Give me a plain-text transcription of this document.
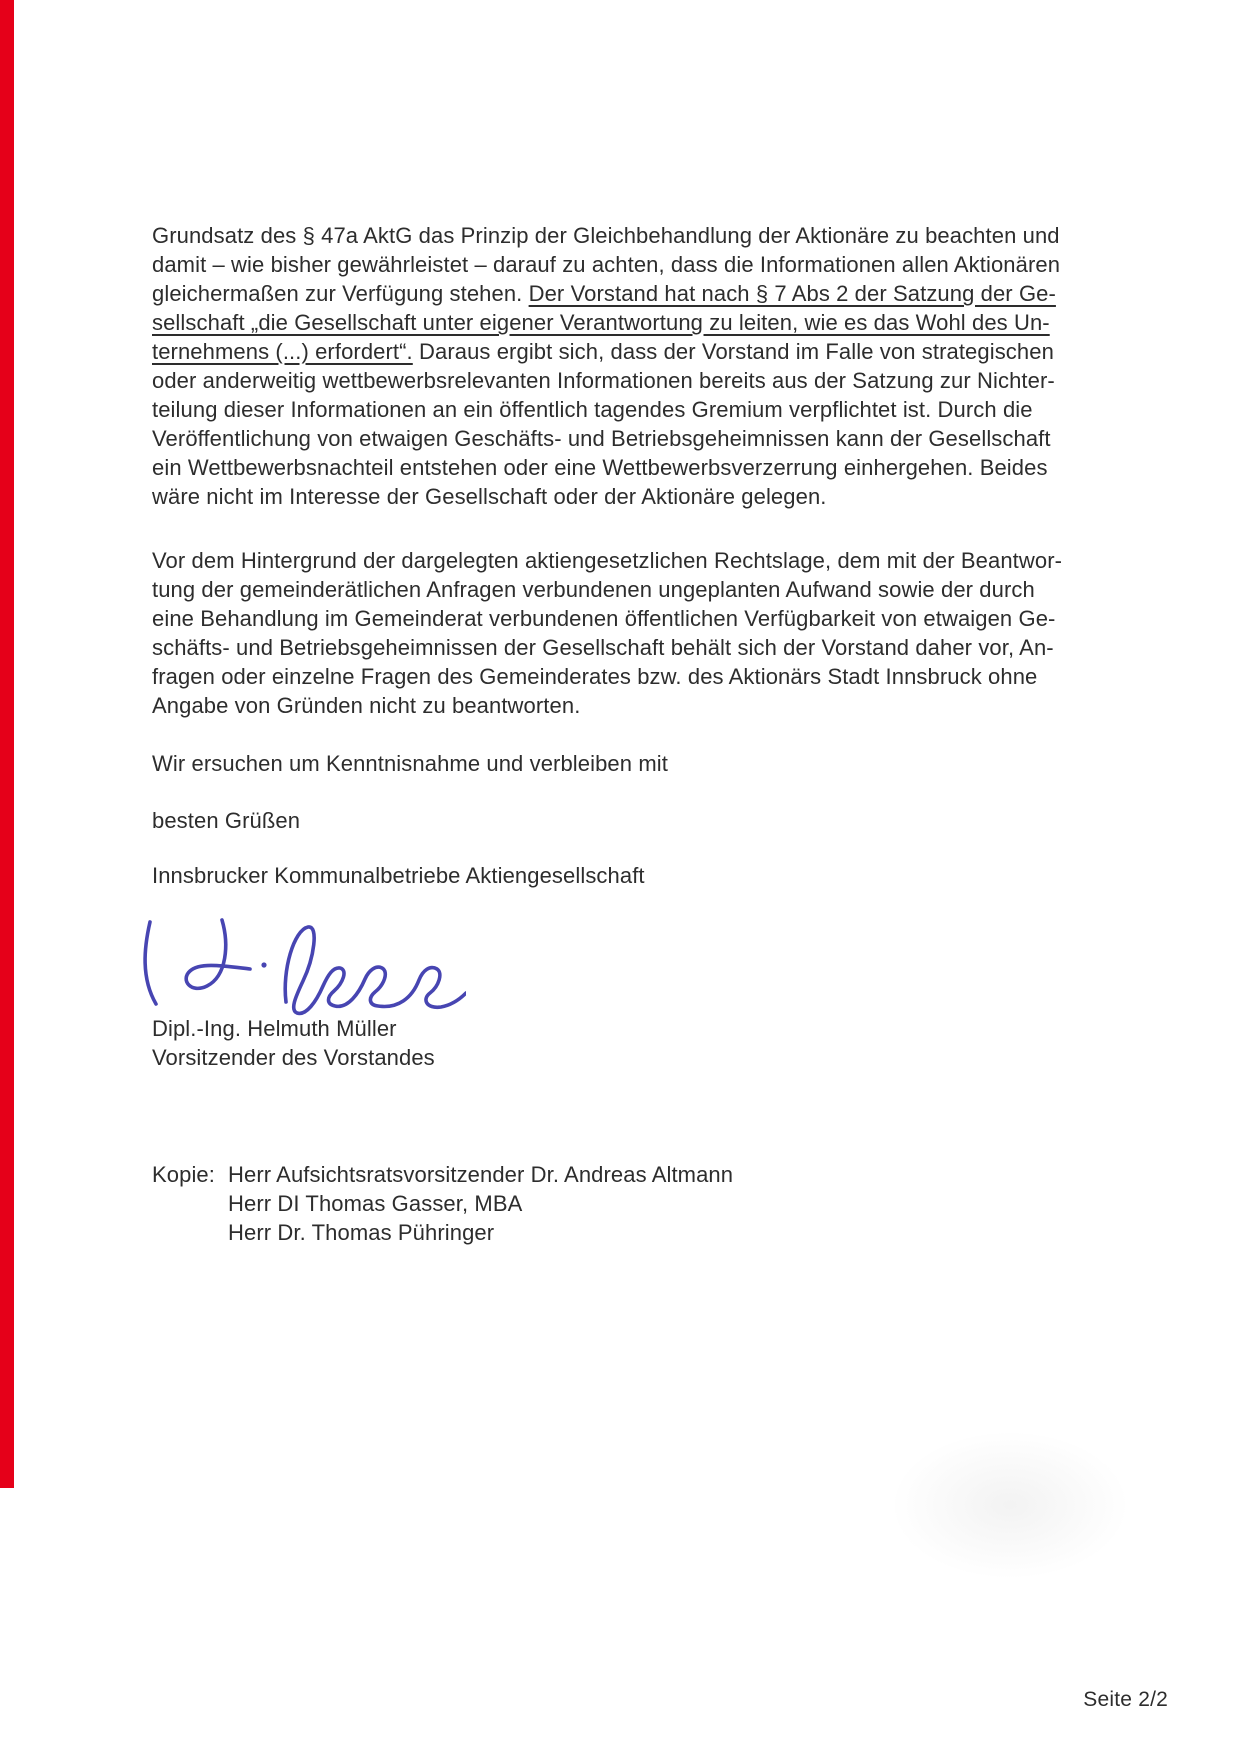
Grundsatz des § 47a AktG das Prinzip der Gleichbehandlung der Aktionäre zu beachten und
damit – wie bisher gewährleistet – darauf zu achten, dass die Informationen allen Aktionären
gleichermaßen zur Verfügung stehen. Der Vorstand hat nach § 7 Abs 2 der Satzung der Ge-
sellschaft „die Gesellschaft unter eigener Verantwortung zu leiten, wie es das Wohl des Un-
ternehmens (...) erfordert“. Daraus ergibt sich, dass der Vorstand im Falle von strategischen
oder anderweitig wettbewerbsrelevanten Informationen bereits aus der Satzung zur Nichter-
teilung dieser Informationen an ein öffentlich tagendes Gremium verpflichtet ist. Durch die
Veröffentlichung von etwaigen Geschäfts- und Betriebsgeheimnissen kann der Gesellschaft
ein Wettbewerbsnachteil entstehen oder eine Wettbewerbsverzerrung einhergehen. Beides
wäre nicht im Interesse der Gesellschaft oder der Aktionäre gelegen.
Vor dem Hintergrund der dargelegten aktiengesetzlichen Rechtslage, dem mit der Beantwor-
tung der gemeinderätlichen Anfragen verbundenen ungeplanten Aufwand sowie der durch
eine Behandlung im Gemeinderat verbundenen öffentlichen Verfügbarkeit von etwaigen Ge-
schäfts- und Betriebsgeheimnissen der Gesellschaft behält sich der Vorstand daher vor, An-
fragen oder einzelne Fragen des Gemeinderates bzw. des Aktionärs Stadt Innsbruck ohne
Angabe von Gründen nicht zu beantworten.
Wir ersuchen um Kenntnisnahme und verbleiben mit
besten Grüßen
Innsbrucker Kommunalbetriebe Aktiengesellschaft
Dipl.-Ing. Helmuth Müller
Vorsitzender des Vorstandes
Kopie: Herr Aufsichtsratsvorsitzender Dr. Andreas Altmann
Herr DI Thomas Gasser, MBA
Herr Dr. Thomas Pühringer
Seite 2/2
